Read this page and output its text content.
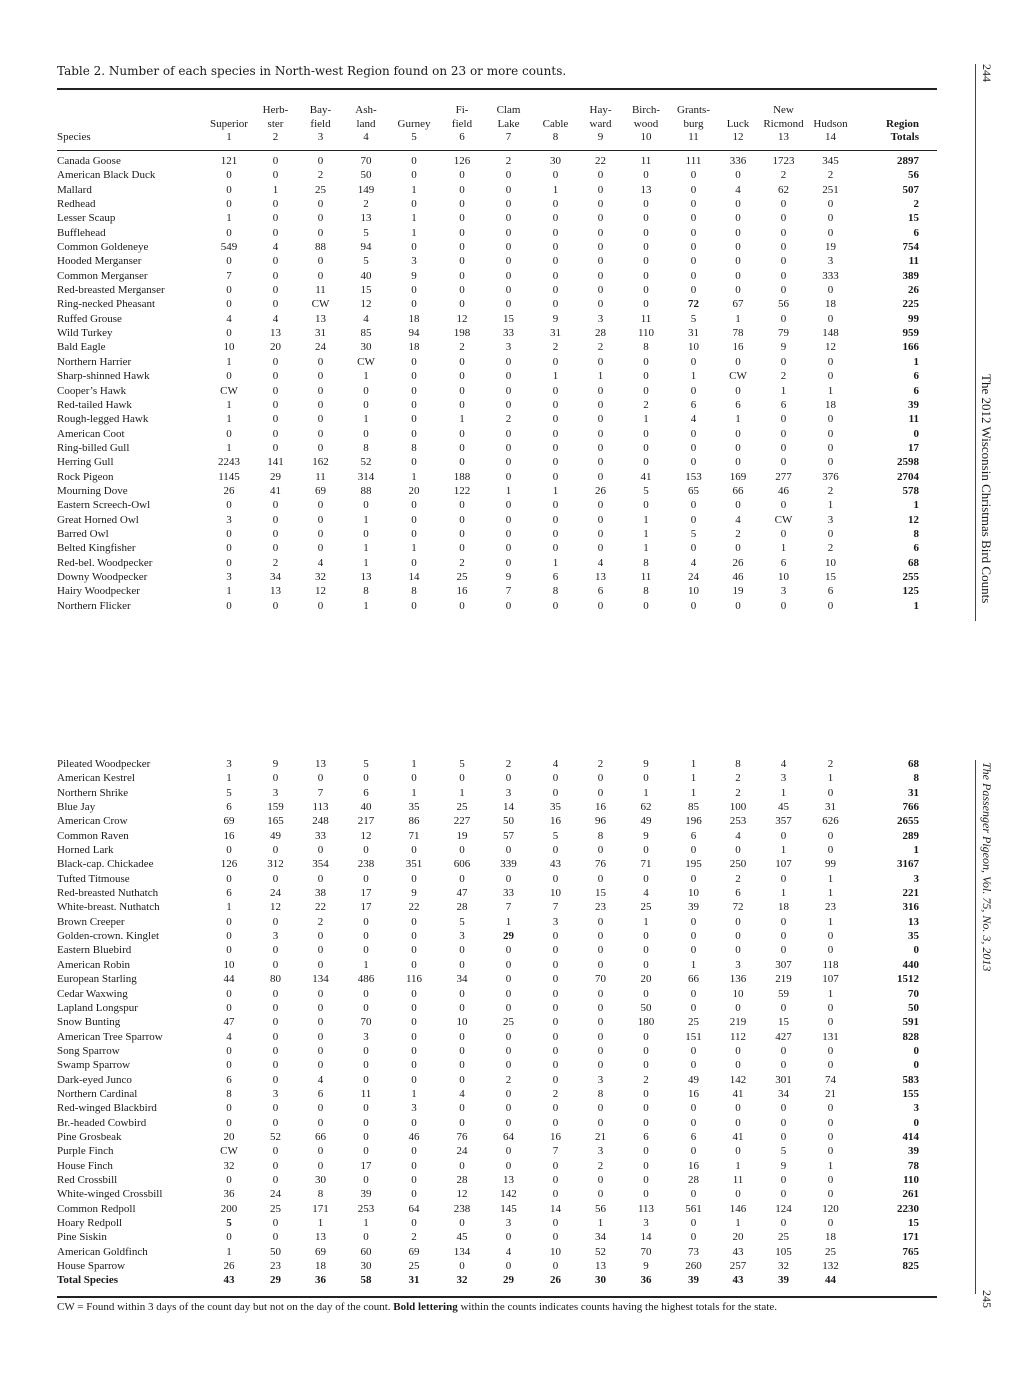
Table 2. Number of each species in North-west Region found on 23 or more counts.
		Herb-	Bay-	Ash-		Fi-	Clam		Hay-	Birch-	Grants-		New		
	Superior	ster	field	land	Gurney	field	Lake	Cable	ward	wood	burg	Luck	Ricmond	Hudson	Region
Species	1	2	3	4	5	6	7	8	9	10	11	12	13	14	Totals
Canada Goose	121	0	0	70	0	126	2	30	22	11	111	336	1723	345	2897
American Black Duck	0	0	2	50	0	0	0	0	0	0	0	0	2	2	56
Mallard	0	1	25	149	1	0	0	1	0	13	0	4	62	251	507
Redhead	0	0	0	2	0	0	0	0	0	0	0	0	0	0	2
Lesser Scaup	1	0	0	13	1	0	0	0	0	0	0	0	0	0	15
Bufflehead	0	0	0	5	1	0	0	0	0	0	0	0	0	0	6
Common Goldeneye	549	4	88	94	0	0	0	0	0	0	0	0	0	19	754
Hooded Merganser	0	0	0	5	3	0	0	0	0	0	0	0	0	3	11
Common Merganser	7	0	0	40	9	0	0	0	0	0	0	0	0	333	389
Red-breasted Merganser	0	0	11	15	0	0	0	0	0	0	0	0	0	0	26
Ring-necked Pheasant	0	0	CW	12	0	0	0	0	0	0	72	67	56	18	225
Ruffed Grouse	4	4	13	4	18	12	15	9	3	11	5	1	0	0	99
Wild Turkey	0	13	31	85	94	198	33	31	28	110	31	78	79	148	959
Bald Eagle	10	20	24	30	18	2	3	2	2	8	10	16	9	12	166
Northern Harrier	1	0	0	CW	0	0	0	0	0	0	0	0	0	0	1
Sharp-shinned Hawk	0	0	0	1	0	0	0	1	1	0	1	CW	2	0	6
Cooper’s Hawk	CW	0	0	0	0	0	0	0	0	0	0	0	1	1	6
Red-tailed Hawk	1	0	0	0	0	0	0	0	0	2	6	6	6	18	39
Rough-legged Hawk	1	0	0	1	0	1	2	0	0	1	4	1	0	0	11
American Coot	0	0	0	0	0	0	0	0	0	0	0	0	0	0	0
Ring-billed Gull	1	0	0	8	8	0	0	0	0	0	0	0	0	0	17
Herring Gull	2243	141	162	52	0	0	0	0	0	0	0	0	0	0	2598
Rock Pigeon	1145	29	11	314	1	188	0	0	0	41	153	169	277	376	2704
Mourning Dove	26	41	69	88	20	122	1	1	26	5	65	66	46	2	578
Eastern Screech-Owl	0	0	0	0	0	0	0	0	0	0	0	0	0	1	1
Great Horned Owl	3	0	0	1	0	0	0	0	0	1	0	4	CW	3	12
Barred Owl	0	0	0	0	0	0	0	0	0	1	5	2	0	0	8
Belted Kingfisher	0	0	0	1	1	0	0	0	0	1	0	0	1	2	6
Red-bel. Woodpecker	0	2	4	1	0	2	0	1	4	8	4	26	6	10	68
Downy Woodpecker	3	34	32	13	14	25	9	6	13	11	24	46	10	15	255
Hairy Woodpecker	1	13	12	8	8	16	7	8	6	8	10	19	3	6	125
Northern Flicker	0	0	0	1	0	0	0	0	0	0	0	0	0	0	1
Pileated Woodpecker	3	9	13	5	1	5	2	4	2	9	1	8	4	2	68
American Kestrel	1	0	0	0	0	0	0	0	0	0	1	2	3	1	8
Northern Shrike	5	3	7	6	1	1	3	0	0	1	1	2	1	0	31
Blue Jay	6	159	113	40	35	25	14	35	16	62	85	100	45	31	766
American Crow	69	165	248	217	86	227	50	16	96	49	196	253	357	626	2655
Common Raven	16	49	33	12	71	19	57	5	8	9	6	4	0	0	289
Horned Lark	0	0	0	0	0	0	0	0	0	0	0	0	1	0	1
Black-cap. Chickadee	126	312	354	238	351	606	339	43	76	71	195	250	107	99	3167
Tufted Titmouse	0	0	0	0	0	0	0	0	0	0	0	2	0	1	3
Red-breasted Nuthatch	6	24	38	17	9	47	33	10	15	4	10	6	1	1	221
White-breast. Nuthatch	1	12	22	17	22	28	7	7	23	25	39	72	18	23	316
Brown Creeper	0	0	2	0	0	5	1	3	0	1	0	0	0	1	13
Golden-crown. Kinglet	0	3	0	0	0	3	29	0	0	0	0	0	0	0	35
Eastern Bluebird	0	0	0	0	0	0	0	0	0	0	0	0	0	0	0
American Robin	10	0	0	1	0	0	0	0	0	0	1	3	307	118	440
European Starling	44	80	134	486	116	34	0	0	70	20	66	136	219	107	1512
Cedar Waxwing	0	0	0	0	0	0	0	0	0	0	0	10	59	1	70
Lapland Longspur	0	0	0	0	0	0	0	0	0	50	0	0	0	0	50
Snow Bunting	47	0	0	70	0	10	25	0	0	180	25	219	15	0	591
American Tree Sparrow	4	0	0	3	0	0	0	0	0	0	151	112	427	131	828
Song Sparrow	0	0	0	0	0	0	0	0	0	0	0	0	0	0	0
Swamp Sparrow	0	0	0	0	0	0	0	0	0	0	0	0	0	0	0
Dark-eyed Junco	6	0	4	0	0	0	2	0	3	2	49	142	301	74	583
Northern Cardinal	8	3	6	11	1	4	0	2	8	0	16	41	34	21	155
Red-winged Blackbird	0	0	0	0	3	0	0	0	0	0	0	0	0	0	3
Br.-headed Cowbird	0	0	0	0	0	0	0	0	0	0	0	0	0	0	0
Pine Grosbeak	20	52	66	0	46	76	64	16	21	6	6	41	0	0	414
Purple Finch	CW	0	0	0	0	24	0	7	3	0	0	0	5	0	39
House Finch	32	0	0	17	0	0	0	0	2	0	16	1	9	1	78
Red Crossbill	0	0	30	0	0	28	13	0	0	0	28	11	0	0	110
White-winged Crossbill	36	24	8	39	0	12	142	0	0	0	0	0	0	0	261
Common Redpoll	200	25	171	253	64	238	145	14	56	113	561	146	124	120	2230
Hoary Redpoll	5	0	1	1	0	0	3	0	1	3	0	1	0	0	15
Pine Siskin	0	0	13	0	2	45	0	0	34	14	0	20	25	18	171
American Goldfinch	1	50	69	60	69	134	4	10	52	70	73	43	105	25	765
House Sparrow	26	23	18	30	25	0	0	0	13	9	260	257	32	132	825
Total Species	43	29	36	58	31	32	29	26	30	36	39	43	39	44	
CW = Found within 3 days of the count day but not on the day of the count. Bold lettering within the counts indicates counts having the highest totals for the state.
244
The 2012 Wisconsin Christmas Bird Counts
The Passenger Pigeon, Vol. 75, No. 3, 2013
245
